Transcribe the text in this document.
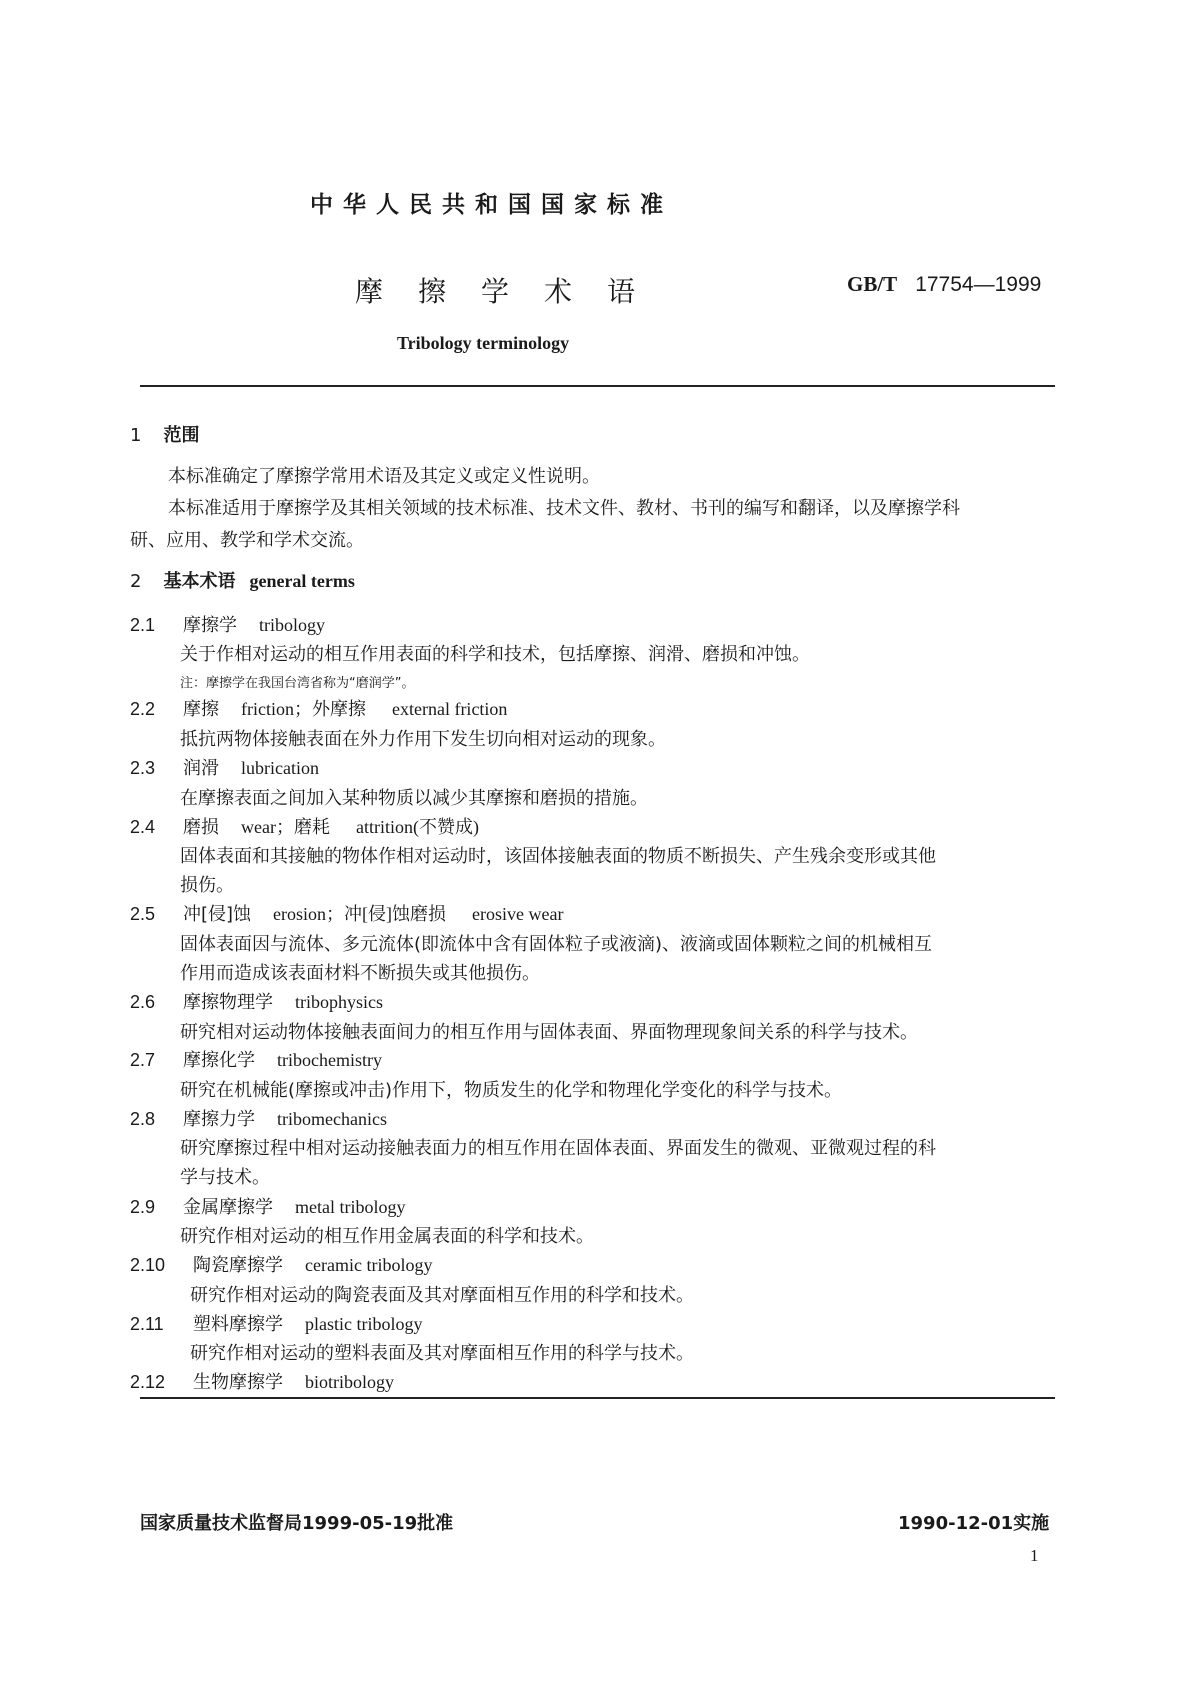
中华人民共和国国家标准
摩擦学术语	GB/T 17754—1999
Tribology terminology
1 范围
本标准确定了摩擦学常用术语及其定义或定义性说明。
本标准适用于摩擦学及其相关领域的技术标准、技术文件、教材、书刊的编写和翻译，以及摩擦学科
研、应用、教学和学术交流。
2 基本术语 general terms
2.1 摩擦学 tribology
关于作相对运动的相互作用表面的科学和技术，包括摩擦、润滑、磨损和冲蚀。
注：摩擦学在我国台湾省称为“磨润学”。
2.2 摩擦 friction；外摩擦 external friction
抵抗两物体接触表面在外力作用下发生切向相对运动的现象。
2.3 润滑 lubrication
在摩擦表面之间加入某种物质以减少其摩擦和磨损的措施。
2.4 磨损 wear；磨耗 attrition(不赞成)
固体表面和其接触的物体作相对运动时，该固体接触表面的物质不断损失、产生残余变形或其他
损伤。
2.5 冲[侵]蚀 erosion；冲[侵]蚀磨损 erosive wear
固体表面因与流体、多元流体(即流体中含有固体粒子或液滴)、液滴或固体颗粒之间的机械相互
作用而造成该表面材料不断损失或其他损伤。
2.6 摩擦物理学 tribophysics
研究相对运动物体接触表面间力的相互作用与固体表面、界面物理现象间关系的科学与技术。
2.7 摩擦化学 tribochemistry
研究在机械能(摩擦或冲击)作用下，物质发生的化学和物理化学变化的科学与技术。
2.8 摩擦力学 tribomechanics
研究摩擦过程中相对运动接触表面力的相互作用在固体表面、界面发生的微观、亚微观过程的科
学与技术。
2.9 金属摩擦学 metal tribology
研究作相对运动的相互作用金属表面的科学和技术。
2.10 陶瓷摩擦学 ceramic tribology
研究作相对运动的陶瓷表面及其对摩面相互作用的科学和技术。
2.11 塑料摩擦学 plastic tribology
研究作相对运动的塑料表面及其对摩面相互作用的科学与技术。
2.12 生物摩擦学 biotribology
国家质量技术监督局1999-05-19批准	1990-12-01实施
1
